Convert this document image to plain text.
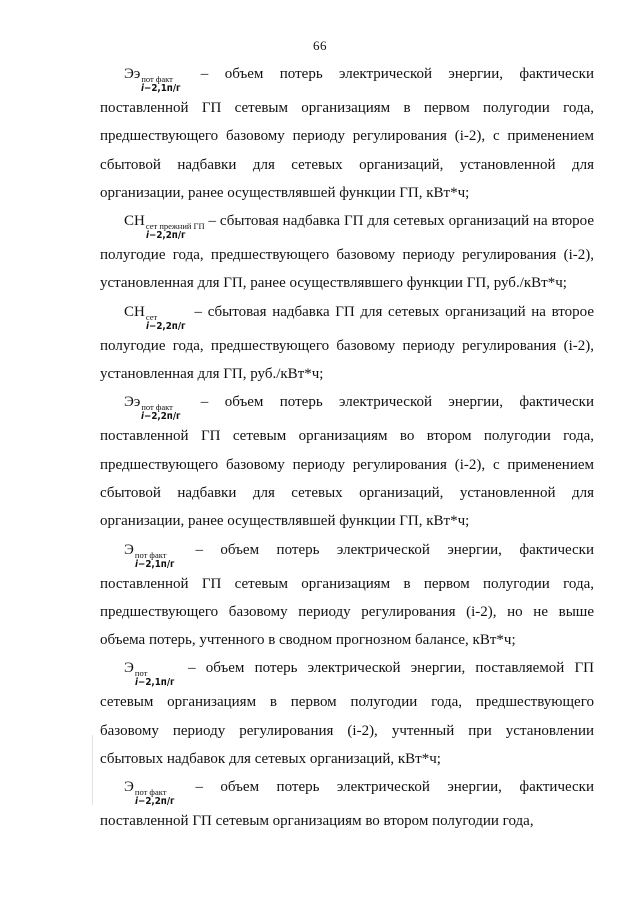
66

Ээ пот факт
i−2,1п/г
– объем потерь электрической энергии, фактически поставленной ГП сетевым организациям в первом полугодии года, предшествующего базовому периоду регулирования (i-2), с применением сбытовой надбавки для сетевых организаций, установленной для организации, ранее осуществлявшей функции ГП, кВт*ч;

СН сет прежний ГП
i−2,2п/г
– сбытовая надбавка ГП для сетевых организаций на второе полугодие года, предшествующего базовому периоду регулирования (i-2), установленная для ГП, ранее осуществлявшего функции ГП, руб./кВт*ч;

СН сет
i−2,2п/г
– сбытовая надбавка ГП для сетевых организаций на второе полугодие года, предшествующего базовому периоду регулирования (i-2), установленная для ГП, руб./кВт*ч;

Ээ пот факт
i−2,2п/г
– объем потерь электрической энергии, фактически поставленной ГП сетевым организациям во втором полугодии года, предшествующего базовому периоду регулирования (i-2), с применением сбытовой надбавки для сетевых организаций, установленной для организации, ранее осуществлявшей функции ГП, кВт*ч;

Э пот факт
i−2,1п/г
– объем потерь электрической энергии, фактически поставленной ГП сетевым организациям в первом полугодии года, предшествующего базовому периоду регулирования (i-2), но не выше объема потерь, учтенного в сводном прогнозном балансе, кВт*ч;

Э пот
i−2,1п/г
– объем потерь электрической энергии, поставляемой ГП сетевым организациям в первом полугодии года, предшествующего базовому периоду регулирования (i-2), учтенный при установлении сбытовых надбавок для сетевых организаций, кВт*ч;

Э пот факт
i−2,2п/г
– объем потерь электрической энергии, фактически поставленной ГП сетевым организациям во втором полугодии года,
